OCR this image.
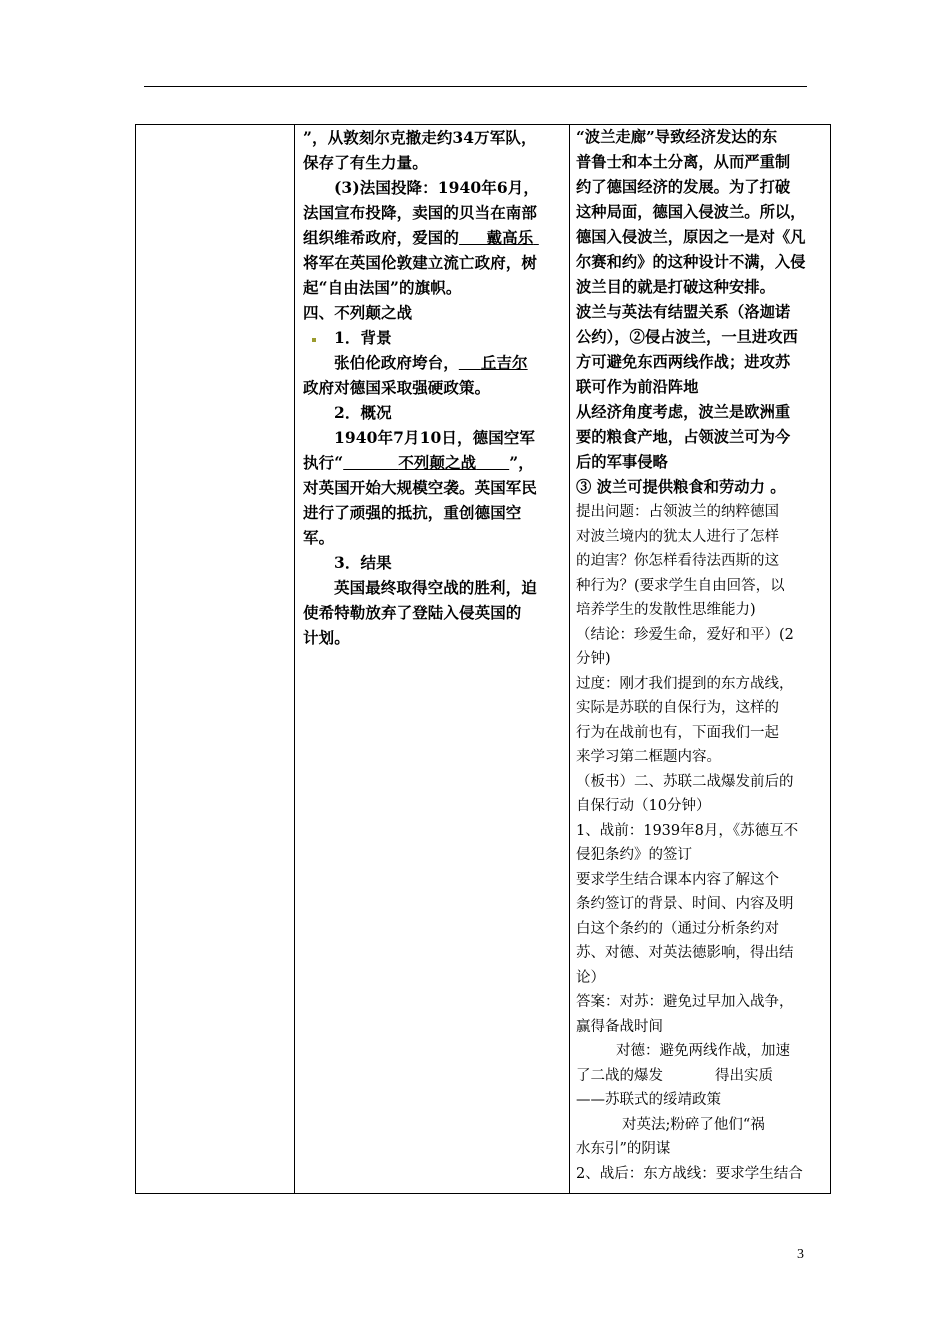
”，从敦刻尔克撤走约34万军队，
保存了有生力量。
(3)法国投降：1940年6月，
法国宣布投降，卖国的贝当在南部
组织维希政府，爱国的 戴高乐
将军在英国伦敦建立流亡政府，树
起“自由法国”的旗帜。
四、不列颠之战
1．背景
张伯伦政府垮台， 丘吉尔
政府对德国采取强硬政策。
2．概况
1940年7月10日，德国空军
执行“	不列颠之战 ”，
对英国开始大规模空袭。英国军民
进行了顽强的抵抗，重创德国空
军。
3．结果
英国最终取得空战的胜利，迫
使希特勒放弃了登陆入侵英国的
计划。

“波兰走廊”导致经济发达的东
普鲁士和本土分离，从而严重制
约了德国经济的发展。为了打破
这种局面，德国入侵波兰。所以，
德国入侵波兰，原因之一是对《凡
尔赛和约》的这种设计不满，入侵
波兰目的就是打破这种安排。
波兰与英法有结盟关系（洛迦诺
公约），②侵占波兰，一旦进攻西
方可避免东西两线作战；进攻苏
联可作为前沿阵地
从经济角度考虑，波兰是欧洲重
要的粮食产地，占领波兰可为今
后的军事侵略
③ 波兰可提供粮食和劳动力 。
提出问题：占领波兰的纳粹德国
对波兰境内的犹太人进行了怎样
的迫害？你怎样看待法西斯的这
种行为？(要求学生自由回答，以
培养学生的发散性思维能力)
（结论：珍爱生命，爱好和平）(2
分钟)
过度：刚才我们提到的东方战线，
实际是苏联的自保行为，这样的
行为在战前也有，下面我们一起
来学习第二框题内容。
（板书）二、苏联二战爆发前后的
自保行动（10分钟）
1、战前：1939年8月，《苏德互不
侵犯条约》的签订
要求学生结合课本内容了解这个
条约签订的背景、时间、内容及明
白这个条约的（通过分析条约对
苏、对德、对英法德影响，得出结
论）
答案：对苏：避免过早加入战争，
赢得备战时间
对德：避免两线作战，加速
了二战的爆发	得出实质
——苏联式的绥靖政策
对英法;粉碎了他们“祸
水东引”的阴谋
2、战后：东方战线：要求学生结合
3
